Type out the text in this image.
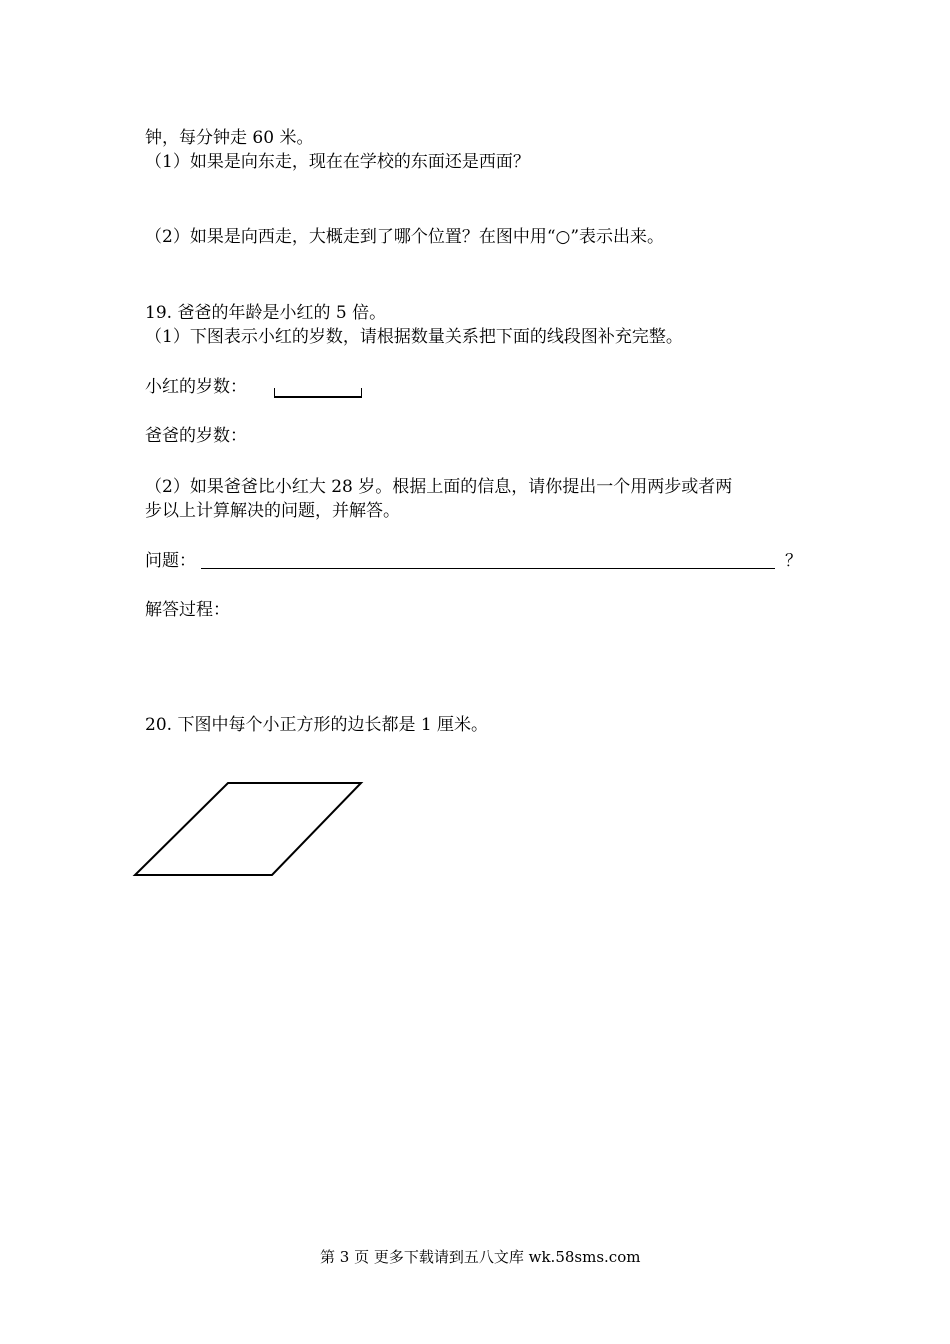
钟，每分钟走 60 米。
（1）如果是向东走，现在在学校的东面还是西面？
（2）如果是向西走，大概走到了哪个位置？在图中用“○”表示出来。
19. 爸爸的年龄是小红的 5 倍。
（1）下图表示小红的岁数，请根据数量关系把下面的线段图补充完整。
小红的岁数：
爸爸的岁数：
（2）如果爸爸比小红大 28 岁。根据上面的信息，请你提出一个用两步或者两
步以上计算解决的问题，并解答。
问题：	？
解答过程：
20. 下图中每个小正方形的边长都是 1 厘米。
第 3 页 更多下载请到五八文库 wk.58sms.com
